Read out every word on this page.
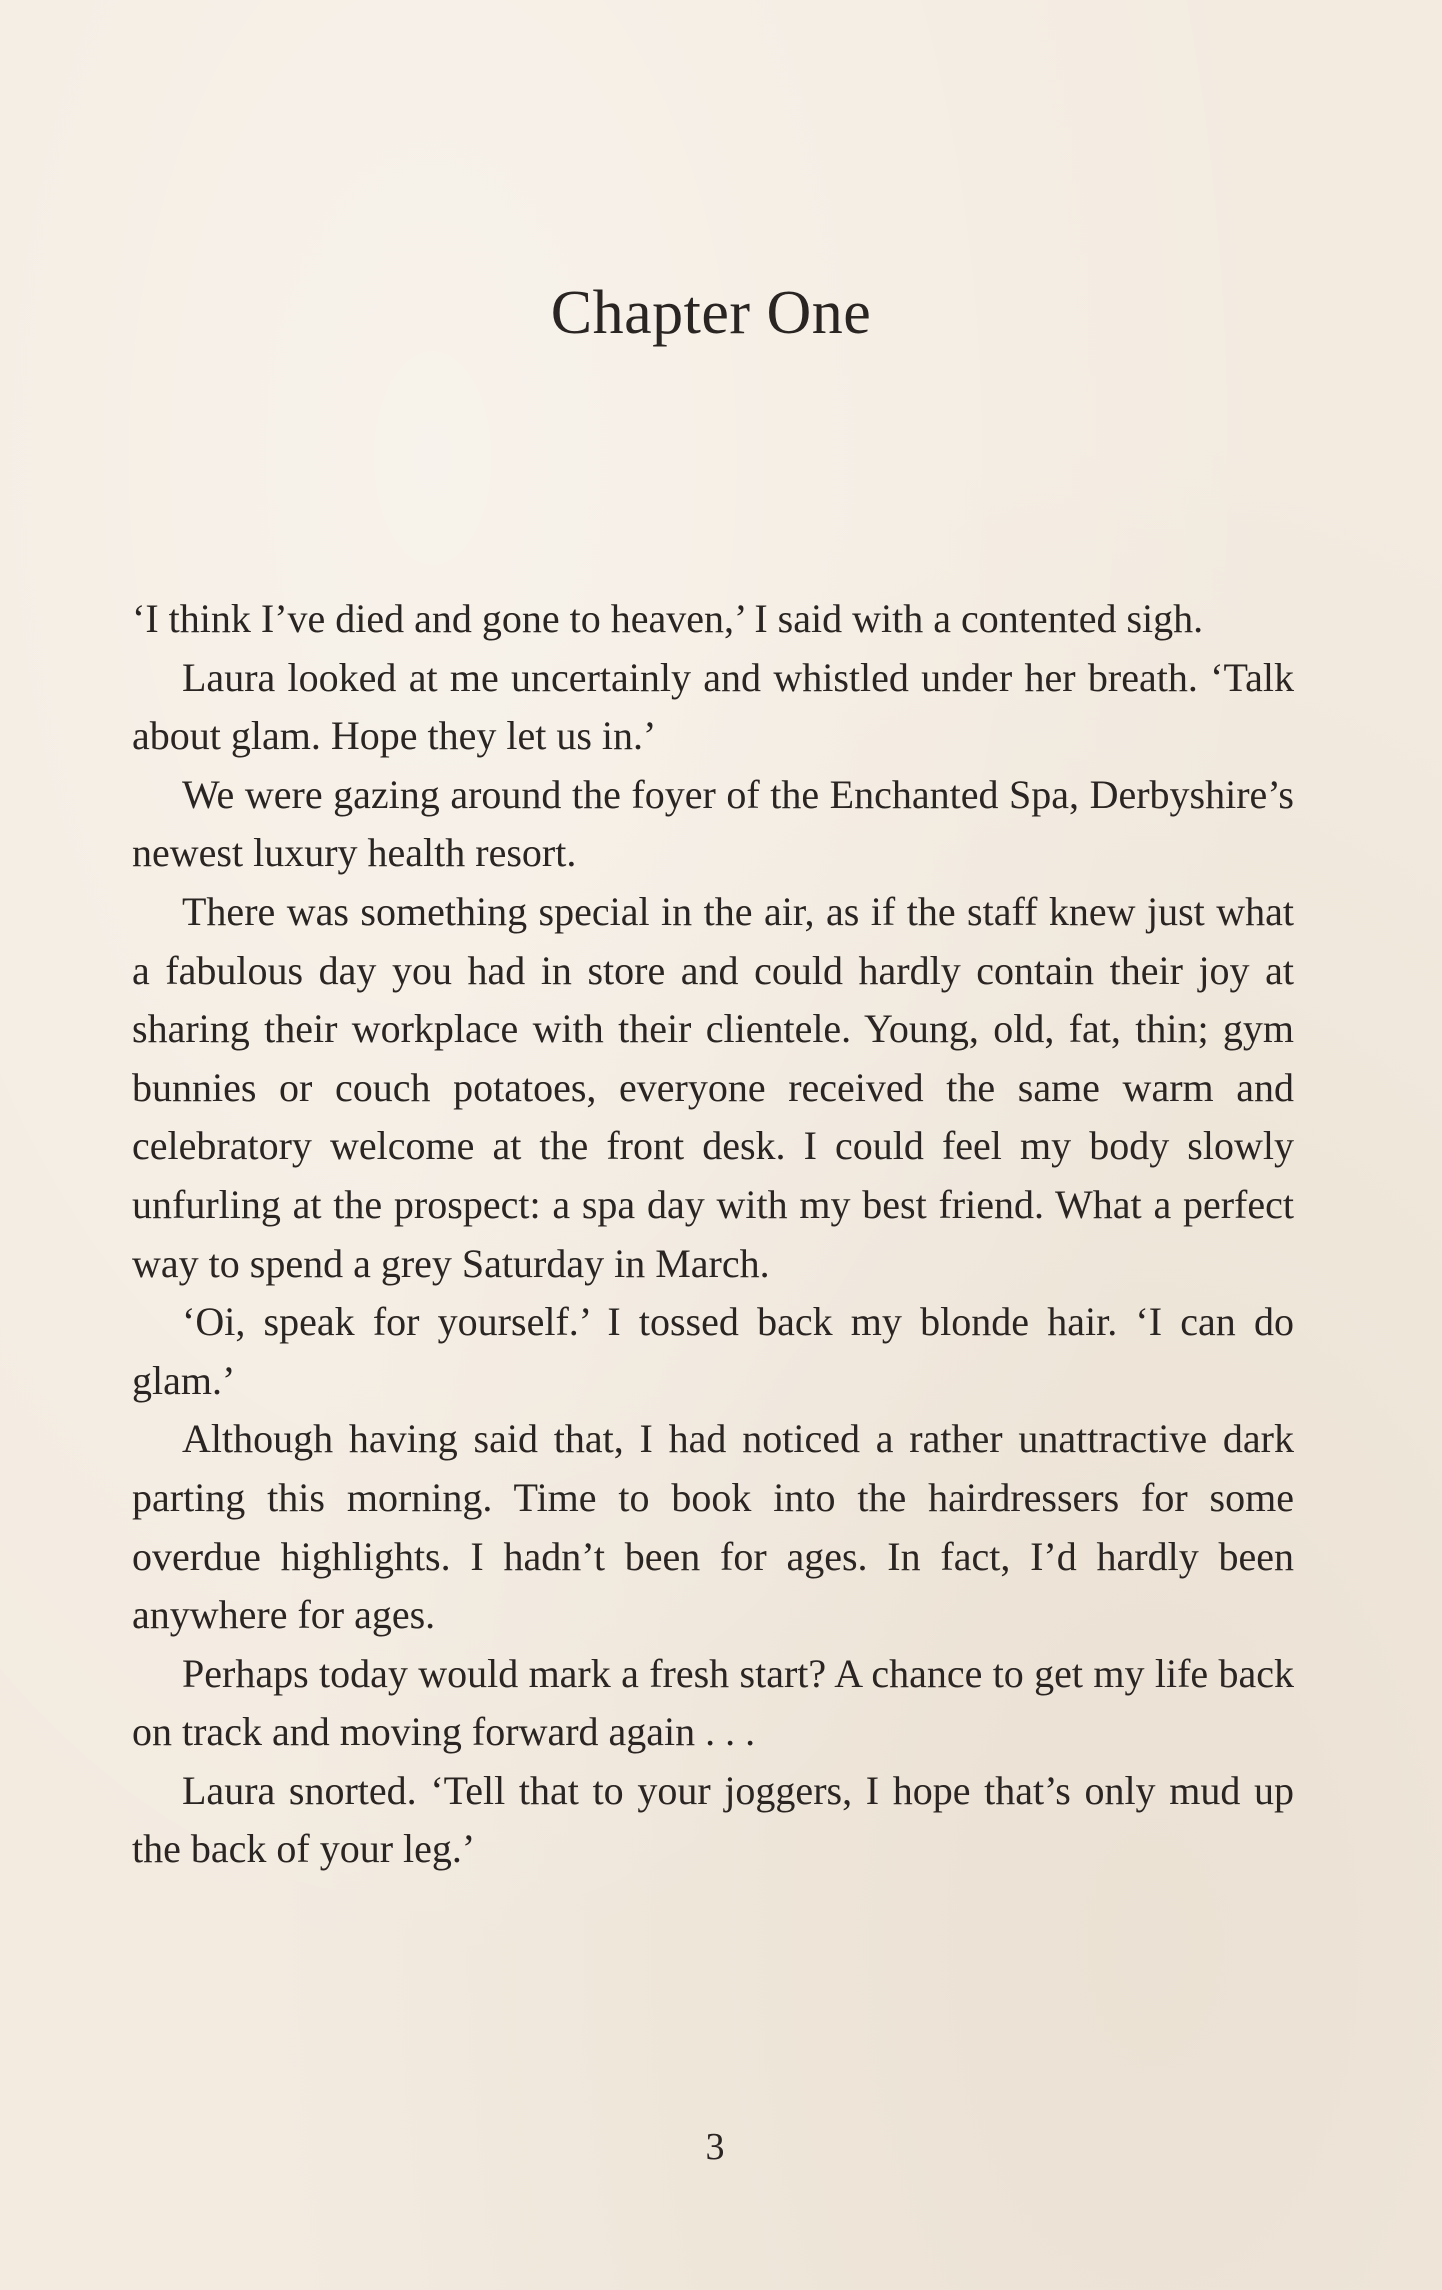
Chapter One

‘I think I’ve died and gone to heaven,’ I said with a contented sigh.

Laura looked at me uncertainly and whistled under her breath. ‘Talk about glam. Hope they let us in.’

We were gazing around the foyer of the Enchanted Spa, Derbyshire’s newest luxury health resort.

There was something special in the air, as if the staff knew just what a fabulous day you had in store and could hardly contain their joy at sharing their workplace with their clientele. Young, old, fat, thin; gym bunnies or couch potatoes, everyone received the same warm and celebratory welcome at the front desk. I could feel my body slowly unfurling at the prospect: a spa day with my best friend. What a perfect way to spend a grey Saturday in March.

‘Oi, speak for yourself.’ I tossed back my blonde hair. ‘I can do glam.’

Although having said that, I had noticed a rather unattractive dark parting this morning. Time to book into the hairdressers for some overdue highlights. I hadn’t been for ages. In fact, I’d hardly been anywhere for ages.

Perhaps today would mark a fresh start? A chance to get my life back on track and moving forward again . . .

Laura snorted. ‘Tell that to your joggers, I hope that’s only mud up the back of your leg.’

3
